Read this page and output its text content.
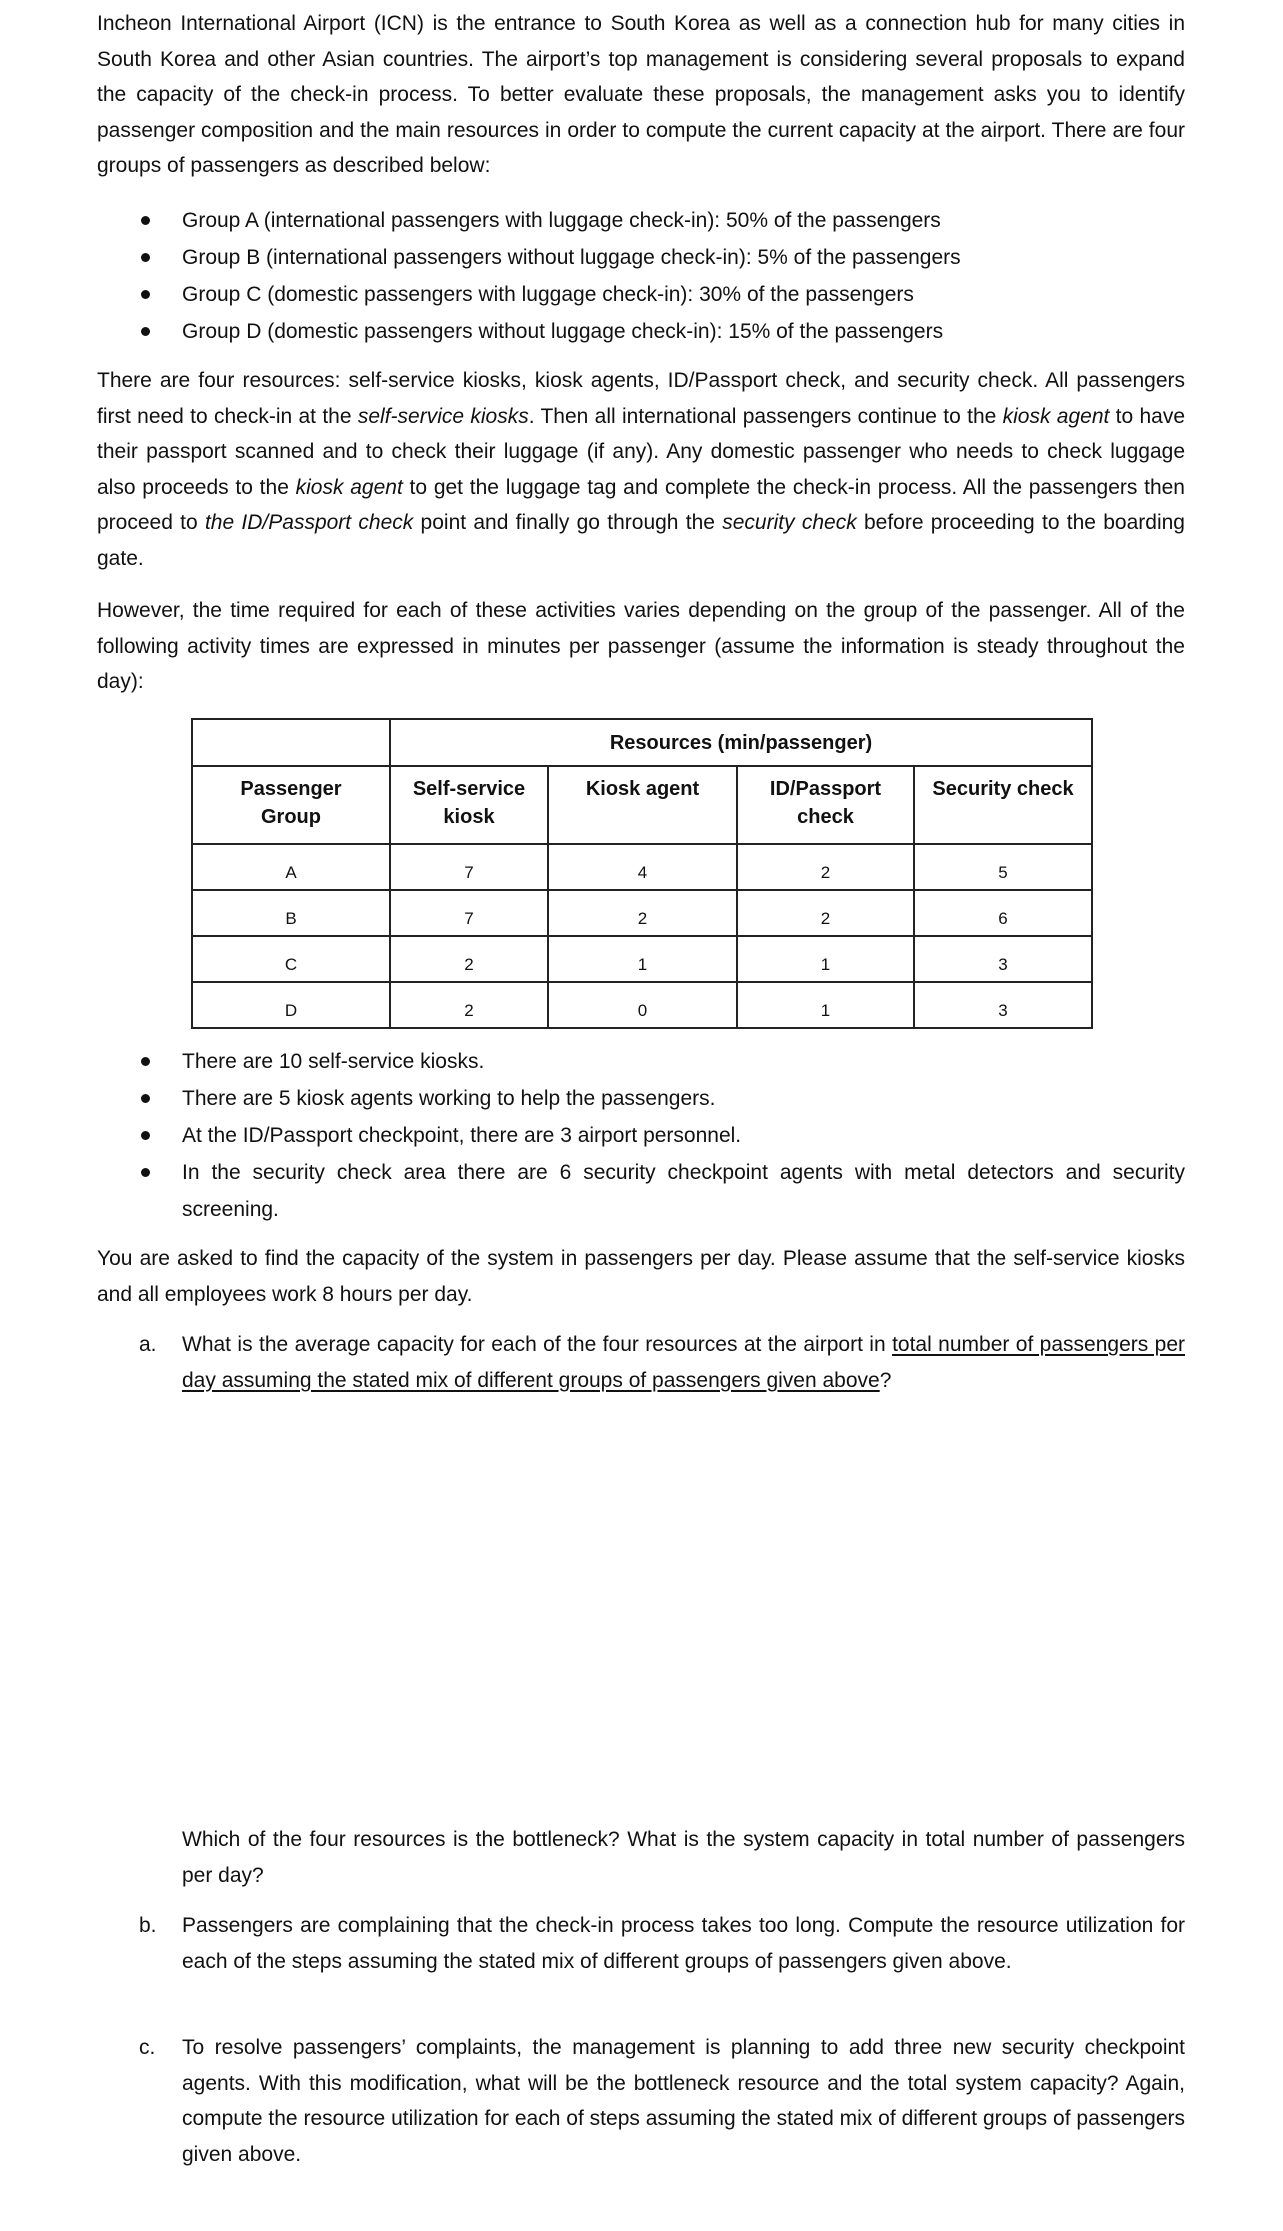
Incheon International Airport (ICN) is the entrance to South Korea as well as a connection hub for many cities in South Korea and other Asian countries. The airport’s top management is considering several proposals to expand the capacity of the check-in process. To better evaluate these proposals, the management asks you to identify passenger composition and the main resources in order to compute the current capacity at the airport. There are four groups of passengers as described below:

Group A (international passengers with luggage check-in): 50% of the passengers
Group B (international passengers without luggage check-in): 5% of the passengers
Group C (domestic passengers with luggage check-in): 30% of the passengers
Group D (domestic passengers without luggage check-in): 15% of the passengers

There are four resources: self-service kiosks, kiosk agents, ID/Passport check, and security check. All passengers first need to check-in at the self-service kiosks. Then all international passengers continue to the kiosk agent to have their passport scanned and to check their luggage (if any). Any domestic passenger who needs to check luggage also proceeds to the kiosk agent to get the luggage tag and complete the check-in process. All the passengers then proceed to the ID/Passport check point and finally go through the security check before proceeding to the boarding gate.

However, the time required for each of these activities varies depending on the group of the passenger. All of the following activity times are expressed in minutes per passenger (assume the information is steady throughout the day):

	Resources (min/passenger)			
Passenger Group	Self-service kiosk	Kiosk agent	ID/Passport check	Security check
A	7	4	2	5
B	7	2	2	6
C	2	1	1	3
D	2	0	1	3
There are 10 self-service kiosks.
There are 5 kiosk agents working to help the passengers.
At the ID/Passport checkpoint, there are 3 airport personnel.
In the security check area there are 6 security checkpoint agents with metal detectors and security screening.

You are asked to find the capacity of the system in passengers per day. Please assume that the self-service kiosks and all employees work 8 hours per day.

a. What is the average capacity for each of the four resources at the airport in total number of passengers per day assuming the stated mix of different groups of passengers given above?
Which of the four resources is the bottleneck? What is the system capacity in total number of passengers per day?
b. Passengers are complaining that the check-in process takes too long. Compute the resource utilization for each of the steps assuming the stated mix of different groups of passengers given above.
c. To resolve passengers’ complaints, the management is planning to add three new security checkpoint agents. With this modification, what will be the bottleneck resource and the total system capacity? Again, compute the resource utilization for each of steps assuming the stated mix of different groups of passengers given above.
